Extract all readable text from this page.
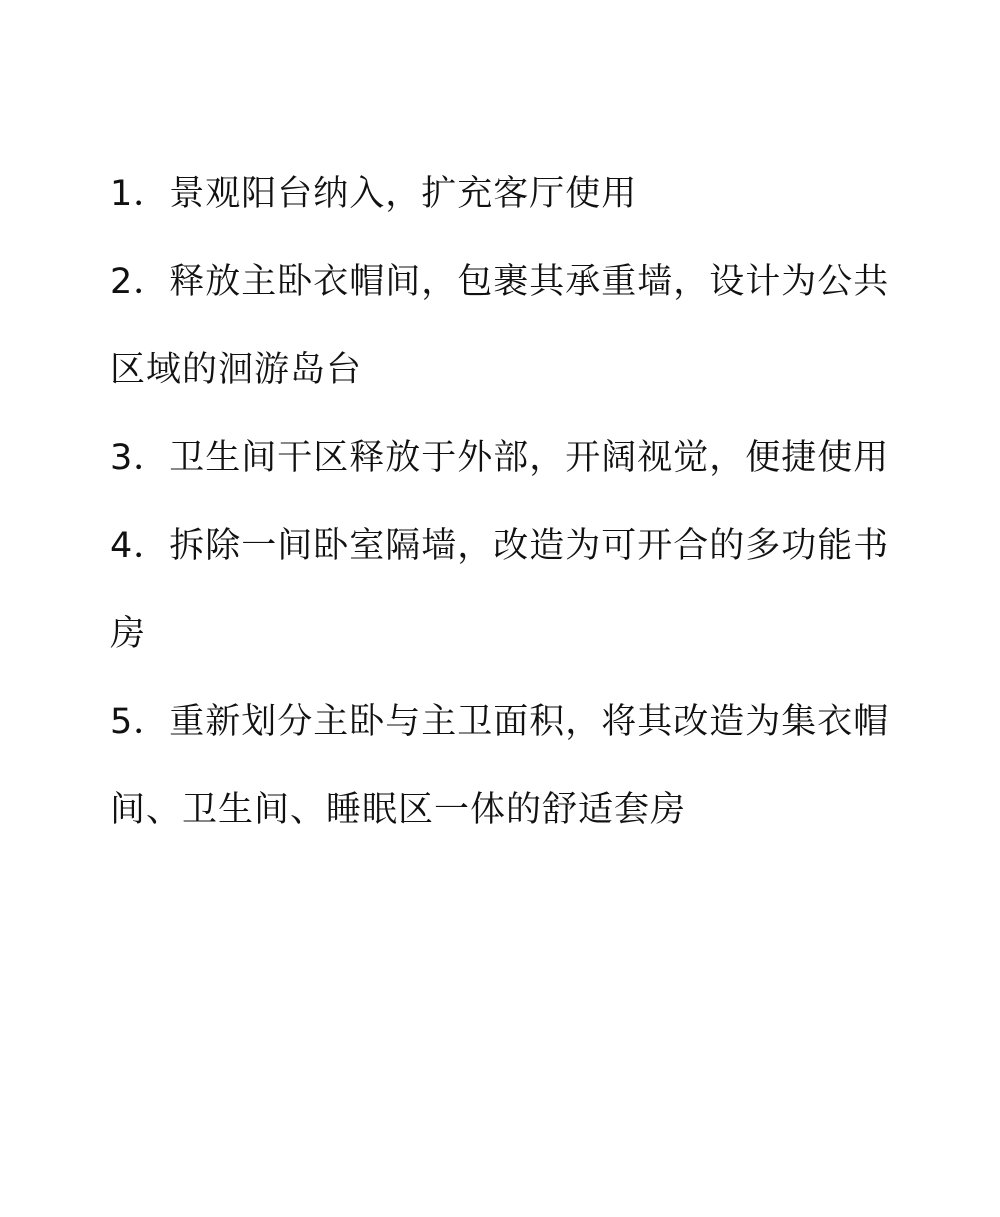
1．景观阳台纳入，扩充客厅使用

2．释放主卧衣帽间，包裹其承重墙，设计为公共区域的洄游岛台

3．卫生间干区释放于外部，开阔视觉，便捷使用

4．拆除一间卧室隔墙，改造为可开合的多功能书房

5．重新划分主卧与主卫面积，将其改造为集衣帽间、卫生间、睡眠区一体的舒适套房
